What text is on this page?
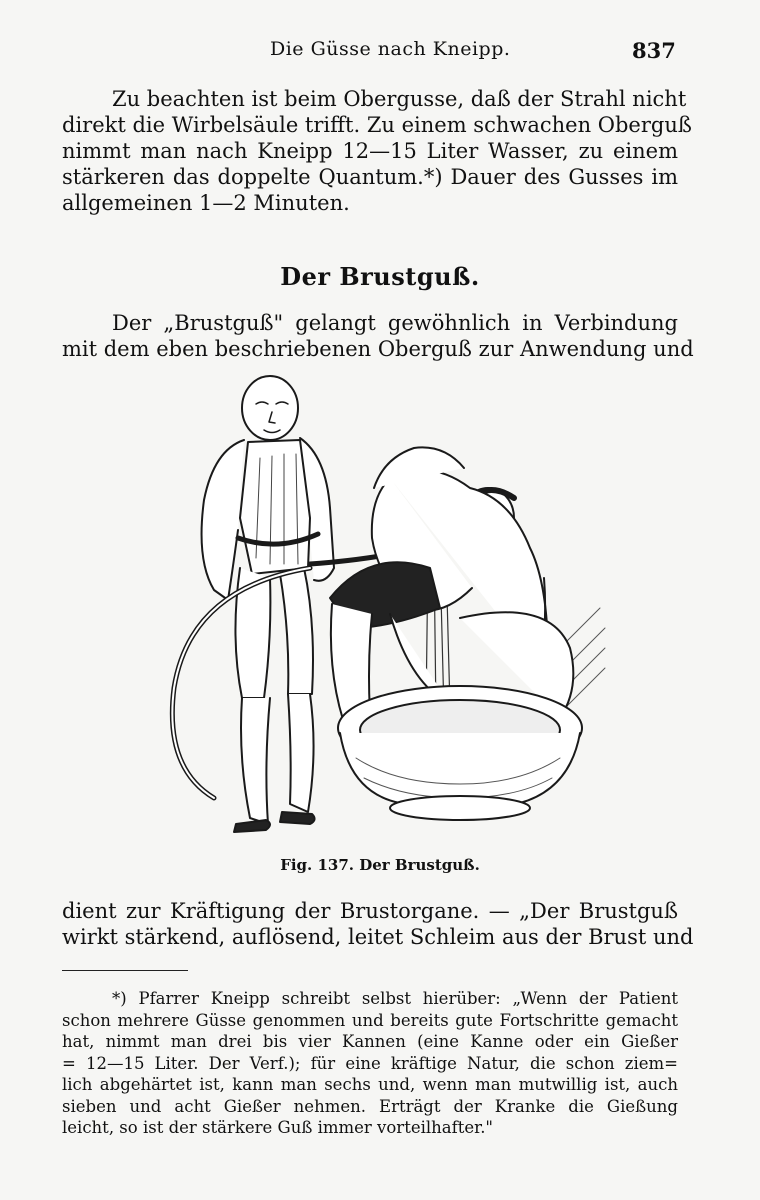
Die Güsse nach Kneipp.	837

Zu beachten ist beim Obergusse, daß der Strahl nicht
direkt die Wirbelsäule trifft. Zu einem schwachen Oberguß
nimmt man nach Kneipp 12—15 Liter Wasser, zu einem
stärkeren das doppelte Quantum.*) Dauer des Gusses im
allgemeinen 1—2 Minuten.

Der Brustguß.

Der „Brustguß" gelangt gewöhnlich in Verbindung
mit dem eben beschriebenen Oberguß zur Anwendung und

Fig. 137. Der Brustguß.

dient zur Kräftigung der Brustorgane. — „Der Brustguß
wirkt stärkend, auflösend, leitet Schleim aus der Brust und

*) Pfarrer Kneipp schreibt selbst hierüber: „Wenn der Patient
schon mehrere Güsse genommen und bereits gute Fortschritte gemacht
hat, nimmt man drei bis vier Kannen (eine Kanne oder ein Gießer
= 12—15 Liter. Der Verf.); für eine kräftige Natur, die schon ziem=
lich abgehärtet ist, kann man sechs und, wenn man mutwillig ist, auch
sieben und acht Gießer nehmen. Erträgt der Kranke die Gießung
leicht, so ist der stärkere Guß immer vorteilhafter."
